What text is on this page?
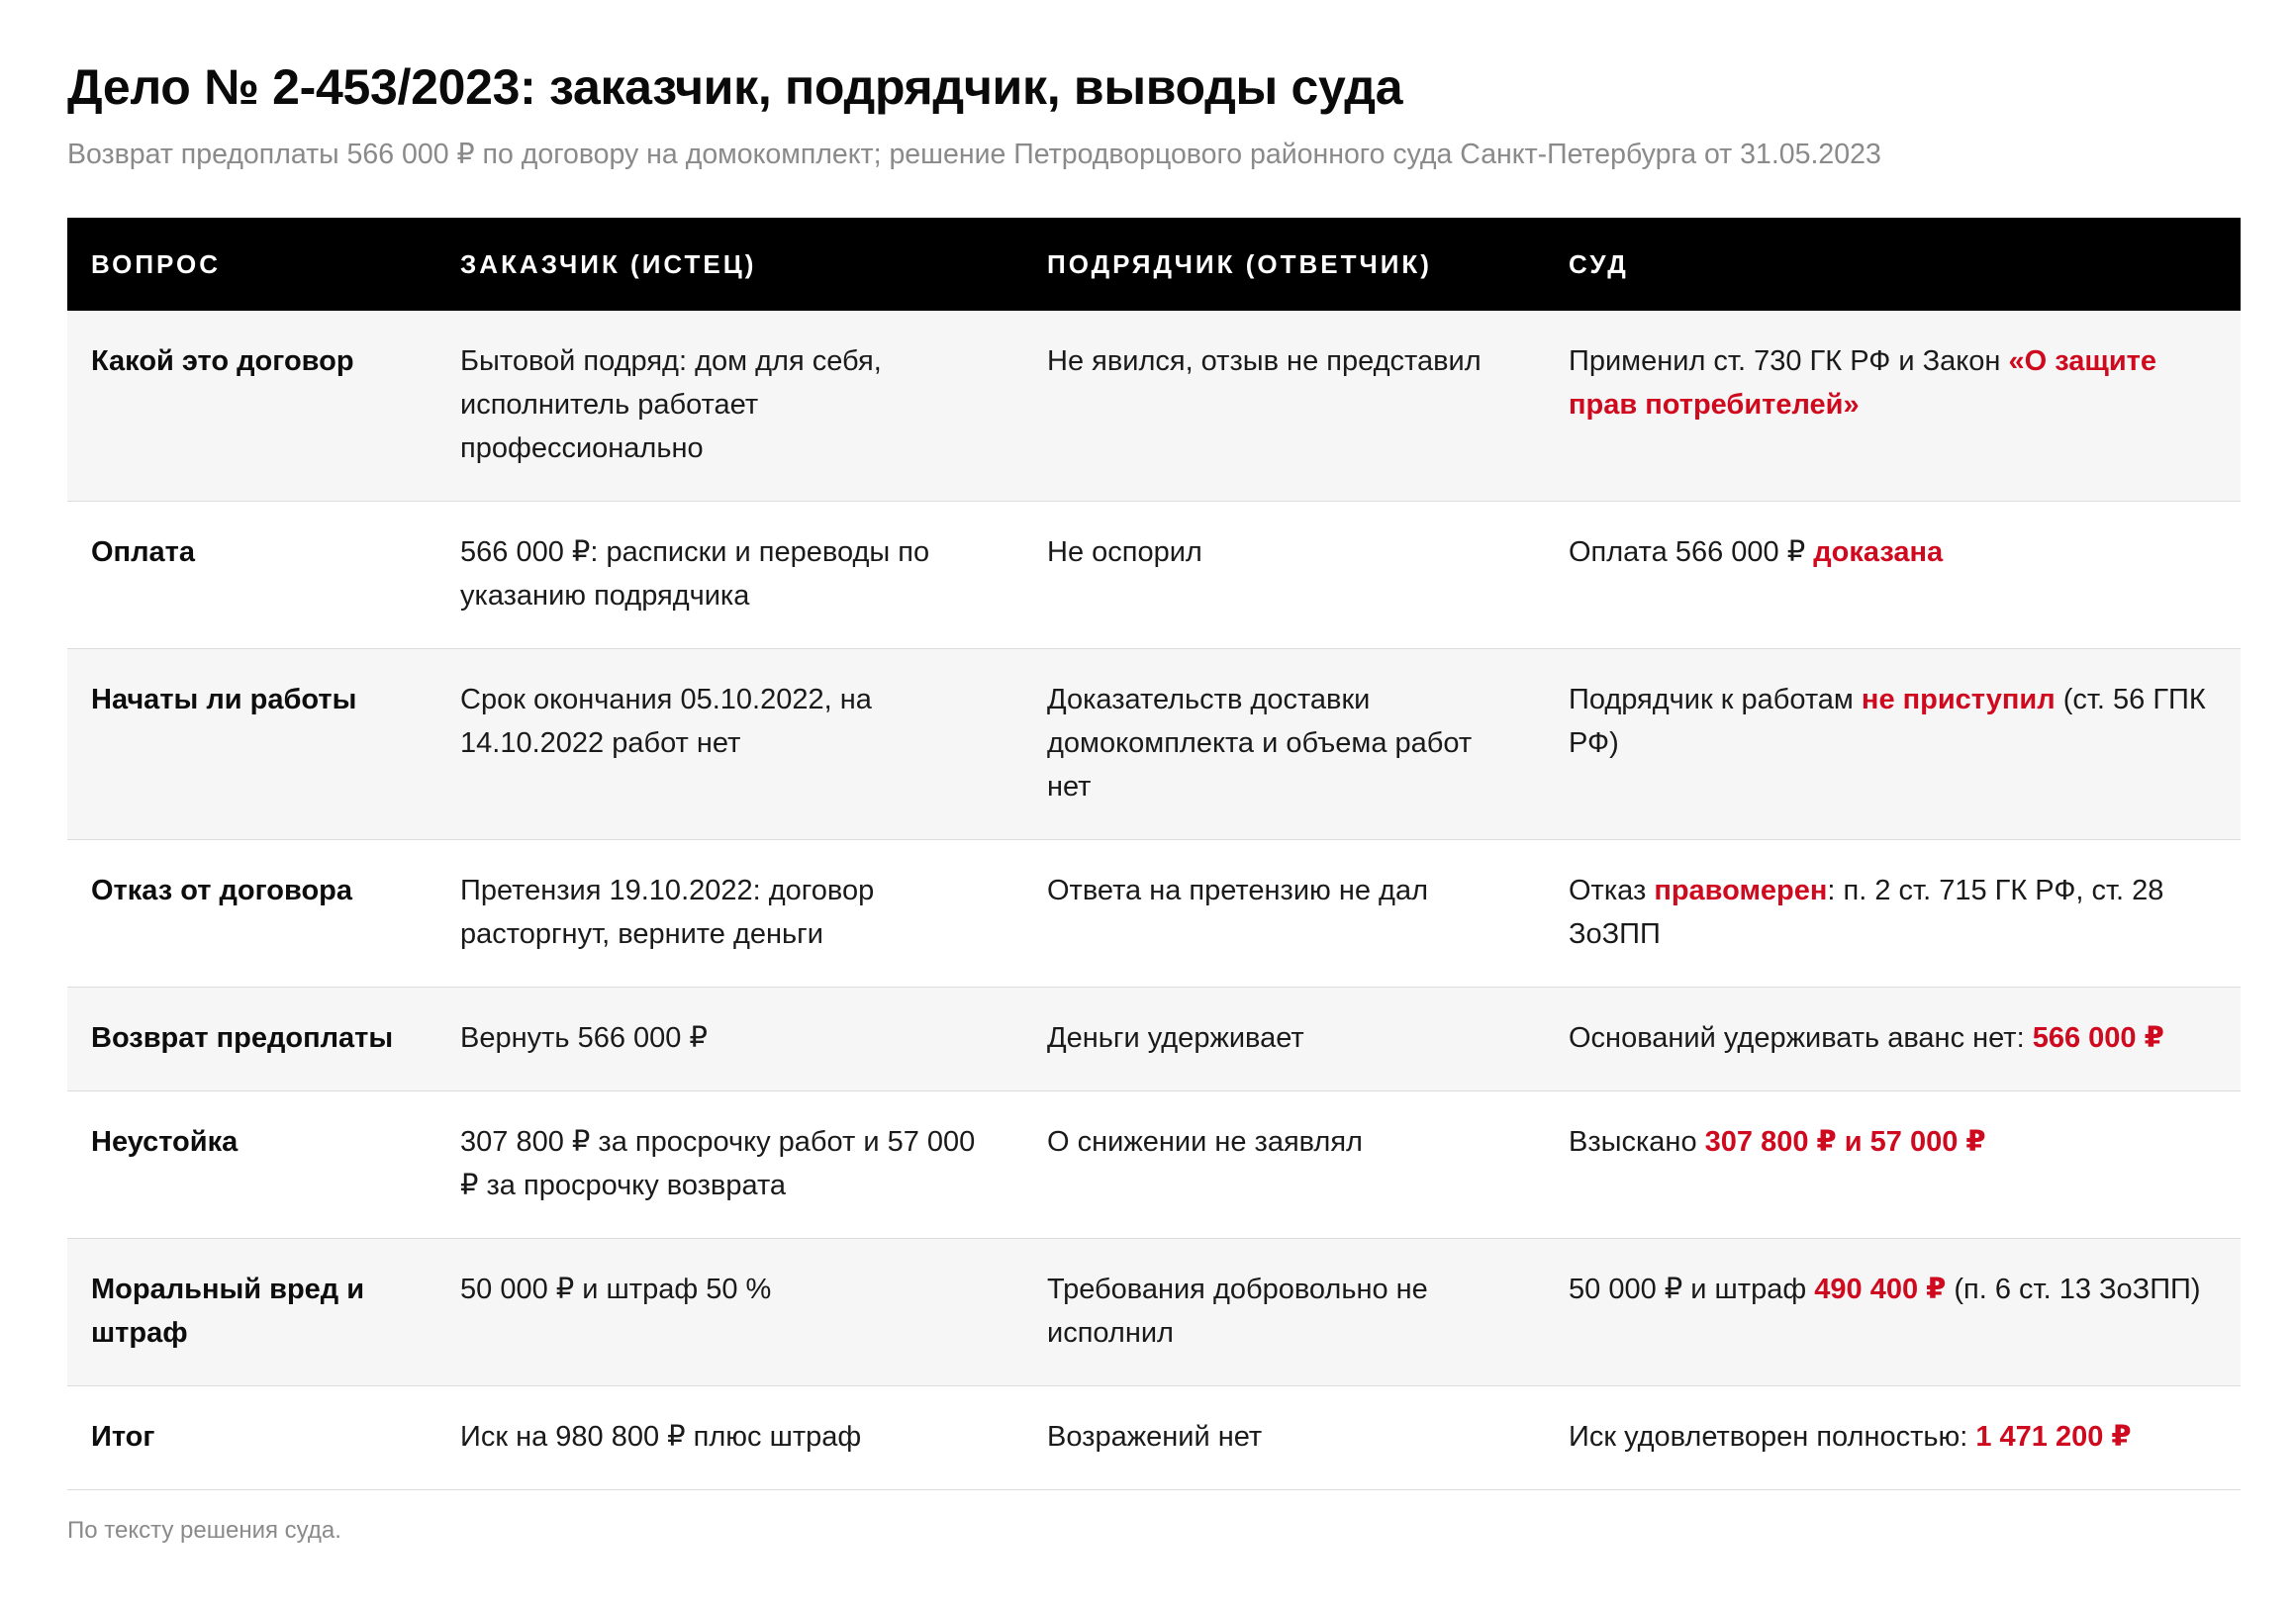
Дело № 2-453/2023: заказчик, подрядчик, выводы суда
Возврат предоплаты 566 000 ₽ по договору на домокомплект; решение Петродворцового районного суда Санкт-Петербурга от 31.05.2023
ВОПРОС	ЗАКАЗЧИК (ИСТЕЦ)	ПОДРЯДЧИК (ОТВЕТЧИК)	СУД
Какой это договор	Бытовой подряд: дом для себя, исполнитель работает профессионально	Не явился, отзыв не представил	Применил ст. 730 ГК РФ и Закон «О защите прав потребителей»
Оплата	566 000 ₽: расписки и переводы по указанию подрядчика	Не оспорил	Оплата 566 000 ₽ доказана
Начаты ли работы	Срок окончания 05.10.2022, на 14.10.2022 работ нет	Доказательств доставки домокомплекта и объема работ нет	Подрядчик к работам не приступил (ст. 56 ГПК РФ)
Отказ от договора	Претензия 19.10.2022: договор расторгнут, верните деньги	Ответа на претензию не дал	Отказ правомерен: п. 2 ст. 715 ГК РФ, ст. 28 ЗоЗПП
Возврат предоплаты	Вернуть 566 000 ₽	Деньги удерживает	Оснований удерживать аванс нет: 566 000 ₽
Неустойка	307 800 ₽ за просрочку работ и 57 000 ₽ за просрочку возврата	О снижении не заявлял	Взыскано 307 800 ₽ и 57 000 ₽
Моральный вред и штраф	50 000 ₽ и штраф 50 %	Требования добровольно не исполнил	50 000 ₽ и штраф 490 400 ₽ (п. 6 ст. 13 ЗоЗПП)
Итог	Иск на 980 800 ₽ плюс штраф	Возражений нет	Иск удовлетворен полностью: 1 471 200 ₽
По тексту решения суда.
